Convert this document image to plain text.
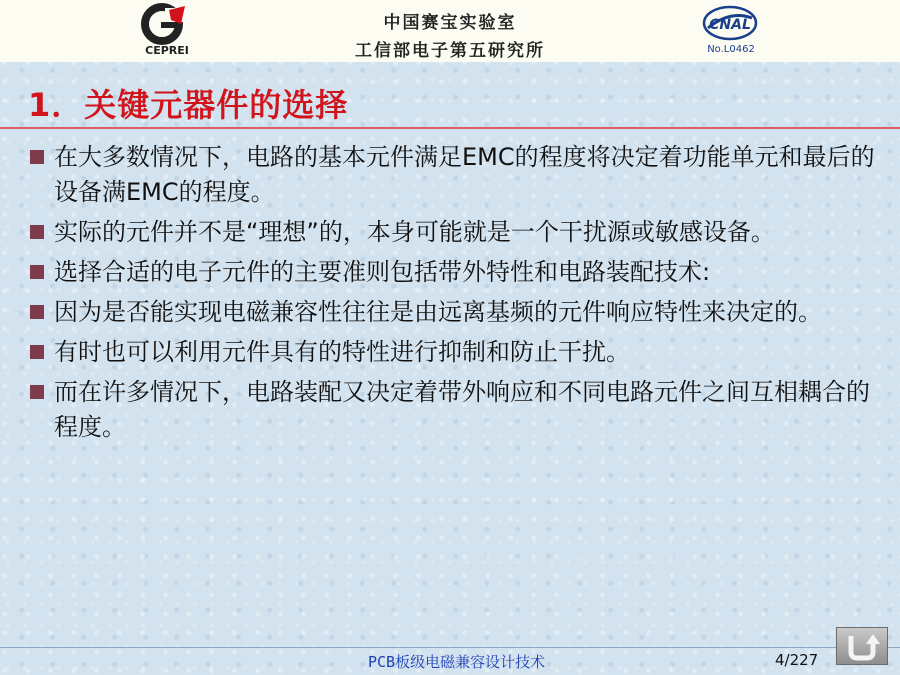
CEPREI
中国赛宝实验室
工信部电子第五研究所
CNAL
No.L0462
1．关键元器件的选择
在大多数情况下，电路的基本元件满足EMC的程度将决定着功能单元和最后的设备满EMC的程度。
实际的元件并不是“理想”的，本身可能就是一个干扰源或敏感设备。
选择合适的电子元件的主要准则包括带外特性和电路装配技术:
因为是否能实现电磁兼容性往往是由远离基频的元件响应特性来决定的。
有时也可以利用元件具有的特性进行抑制和防止干扰。
而在许多情况下，电路装配又决定着带外响应和不同电路元件之间互相耦合的程度。
PCB板级电磁兼容设计技术	4/227
